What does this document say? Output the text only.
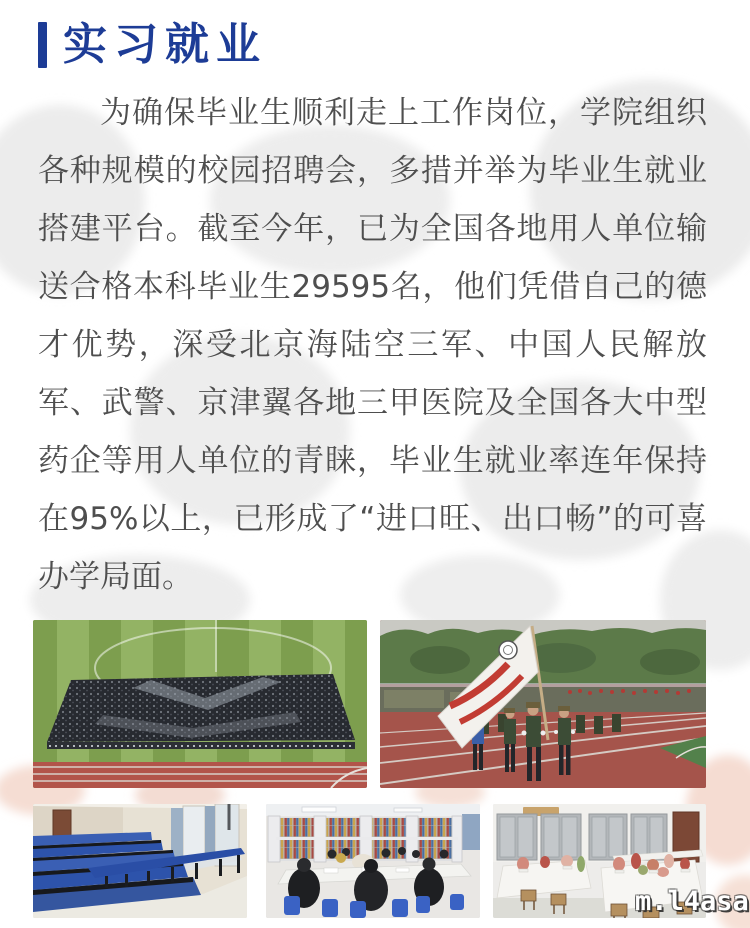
实习就业

为确保毕业生顺利走上工作岗位，学院组织各种规模的校园招聘会，多措并举为毕业生就业搭建平台。截至今年，已为全国各地用人单位输送合格本科毕业生29595名，他们凭借自己的德才优势，深受北京海陆空三军、中国人民解放军、武警、京津翼各地三甲医院及全国各大中型药企等用人单位的青睐，毕业生就业率连年保持在95%以上，已形成了“进口旺、出口畅”的可喜办学局面。

m.l4asa
